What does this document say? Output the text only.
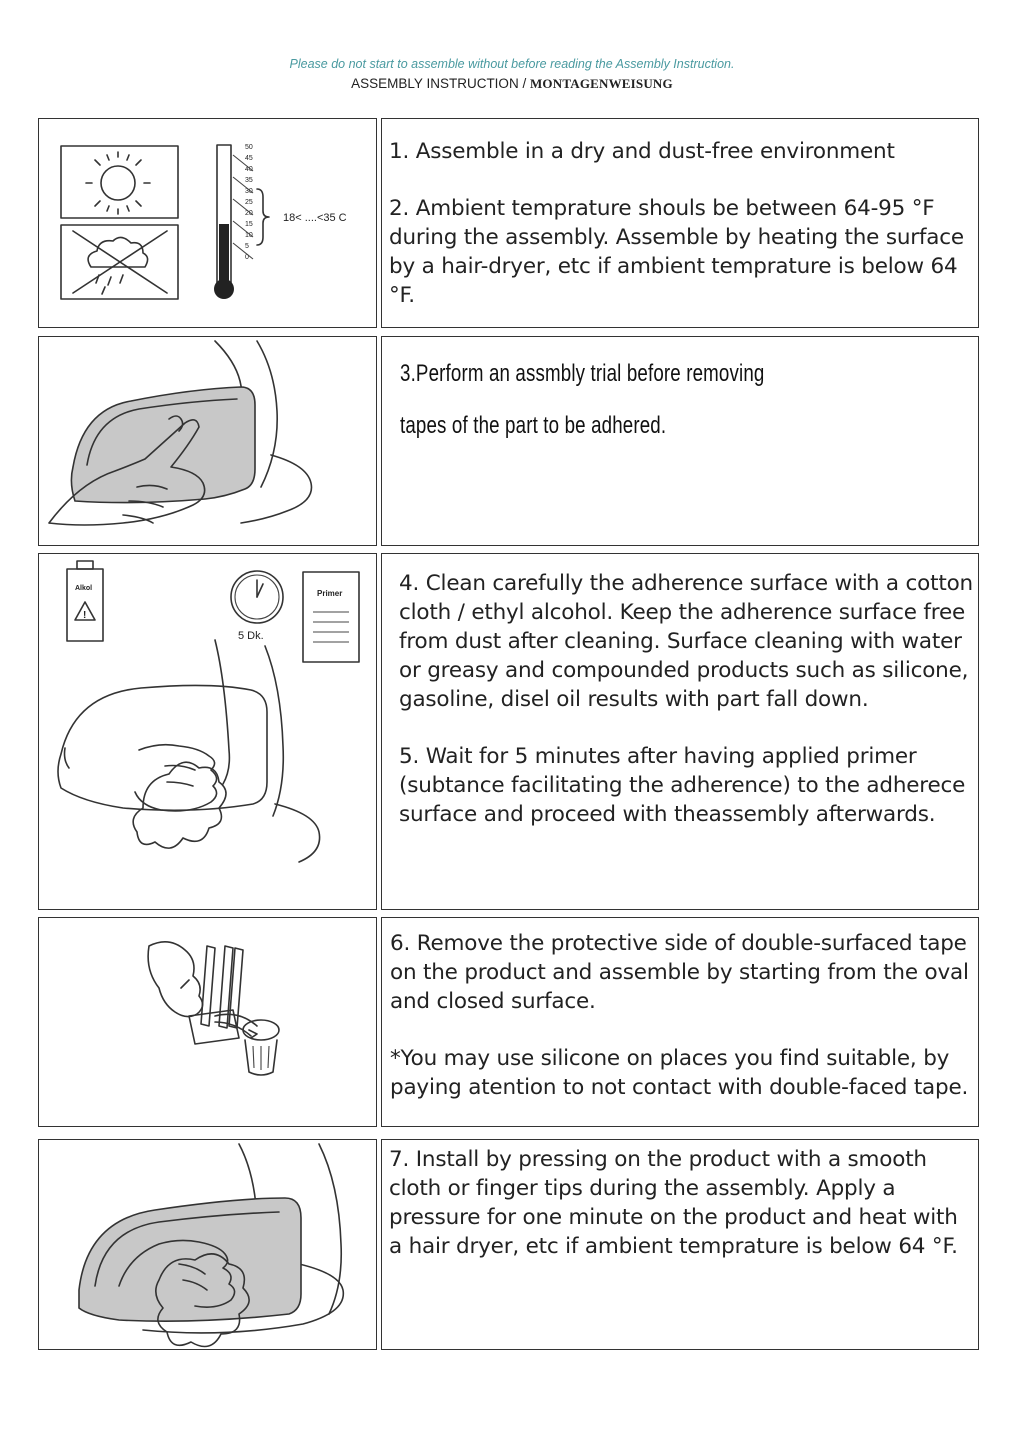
Please do not start to assemble without before reading the Assembly Instruction.
ASSEMBLY INSTRUCTION / MONTAGENWEISUNG
50
45
40
35
30
25
20
15
10
5
0
18< ....<35 C

1. Assemble in a dry and dust-free environment

2. Ambient temprature shouls be between 64-95 °F during the assembly. Assemble by heating the surface by a hair-dryer, etc if ambient temprature is below 64 °F.

3.Perform an assmbly trial before removing

tapes of the part to be adhered.

Alkol
!
5 Dk.
Primer	4. Clean carefully the adherence surface with a cotton cloth / ethyl alcohol. Keep the adherence surface free from dust after cleaning. Surface cleaning with water or greasy and compounded products such as silicone, gasoline, disel oil results with part fall down.

5. Wait for 5 minutes after having applied primer (subtance facilitating the adherence) to the adherece surface and proceed with theassembly afterwards.

6. Remove the protective side of double-surfaced tape on the product and assemble by starting from the oval and closed surface.

*You may use silicone on places you find suitable, by paying atention to not contact with double-faced tape.

7. Install by pressing on the product with a smooth cloth or finger tips during the assembly. Apply a pressure for one minute on the product and heat with a hair dryer, etc if ambient temprature is below 64 °F.
